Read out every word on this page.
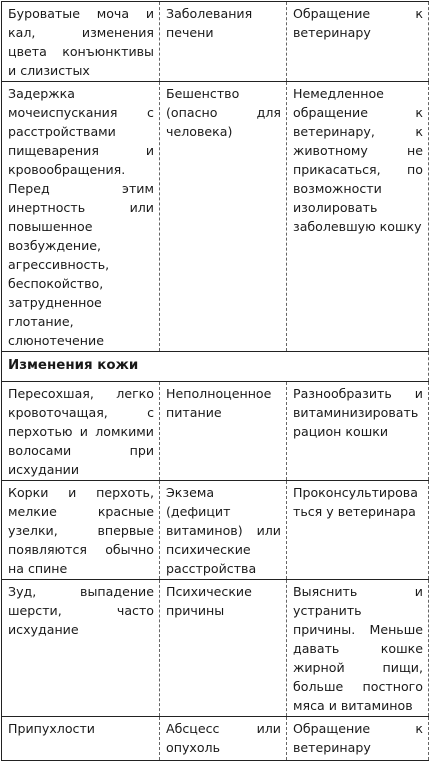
Буроватые моча и кал, изменения цвета конъюнктивы и слизистых	Заболевания печени	Обращение к ветеринару

Задержка мочеиспускания с расстройствами пищеварения и кровообращения. Перед этим инертность или повышенное возбуждение, агрессивность, беспокойство, затрудненное глотание, слюнотечение	Бешенство (опасно для человека)	Немедленное обращение к ветеринару, к животному не прикасаться, по возможности изолировать заболевшую кошку

Изменения кожи		

Пересохшая, легко кровоточащая, с перхотью и ломкими волосами при исхудании	Неполноценное питание	Разнообразить и витаминизировать рацион кошки

Корки и перхоть, мелкие красные узелки, впервые появляются обычно на спине	Экзема (дефицит витаминов) или психические расстройства	Проконсультироваться у ветеринара

Зуд, выпадение шерсти, часто исхудание	Психические причины	Выяснить и устранить причины. Меньше давать кошке жирной пищи, больше постного мяса и витаминов

Припухлости	Абсцесс или опухоль	Обращение к ветеринару
